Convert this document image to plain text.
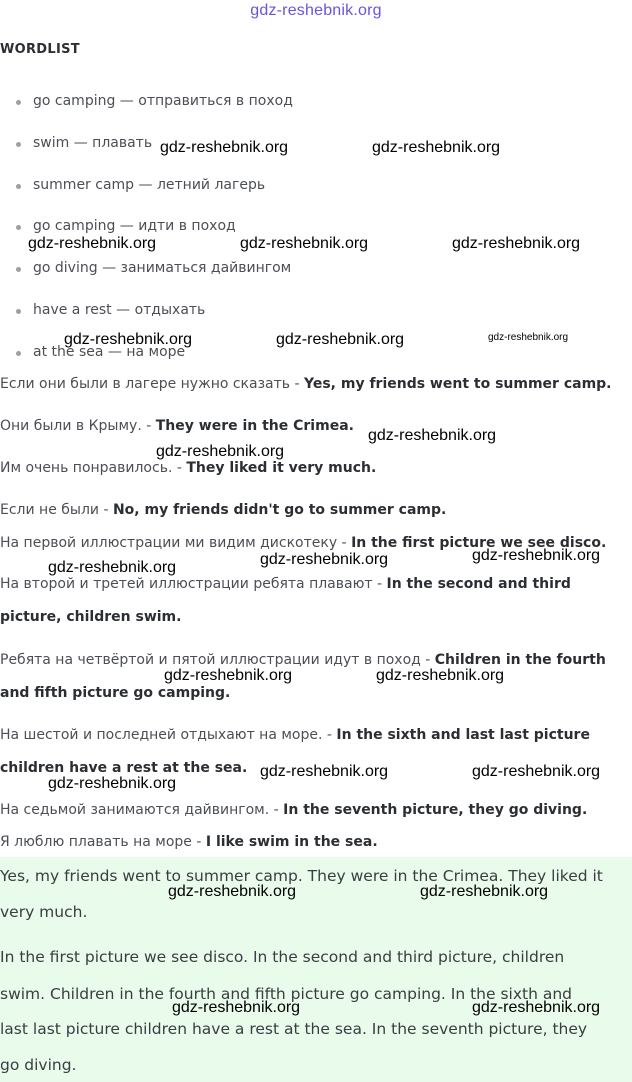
gdz-reshebnik.org
WORDLIST
go camping — отправиться в поход
swim — плавать
summer camp — летний лагерь
go camping — идти в поход
go diving — заниматься дайвингом
have a rest — отдыхать
at the sea — на море
Если они были в лагере нужно сказать - Yes, my friends went to summer camp.
Они были в Крыму. - They were in the Crimea.
Им очень понравилось. - They liked it very much.
Если не были - No, my friends didn't go to summer camp.
На первой иллюстрации ми видим дискотеку - In the first picture we see disco.
На второй и третей иллюстрации ребята плавают - In the second and third
picture, children swim.
Ребята на четвёртой и пятой иллюстрации идут в поход - Children in the fourth
and fifth picture go camping.
На шестой и последней отдыхают на море. - In the sixth and last last picture
children have a rest at the sea.
На седьмой занимаются дайвингом. - In the seventh picture, they go diving.
Я люблю плавать на море - I like swim in the sea.
Yes, my friends went to summer camp. They were in the Crimea. They liked it
very much.
In the first picture we see disco. In the second and third picture, children
swim. Children in the fourth and fifth picture go camping. In the sixth and
last last picture children have a rest at the sea. In the seventh picture, they
go diving.
gdz-reshebnik.org	gdz-reshebnik.org
gdz-reshebnik.org	gdz-reshebnik.org	gdz-reshebnik.org
gdz-reshebnik.org	gdz-reshebnik.org	gdz-reshebnik.org
gdz-reshebnik.org
gdz-reshebnik.org
gdz-reshebnik.org
gdz-reshebnik.org
gdz-reshebnik.org
gdz-reshebnik.org	gdz-reshebnik.org
gdz-reshebnik.org	gdz-reshebnik.org
gdz-reshebnik.org
gdz-reshebnik.org	gdz-reshebnik.org
gdz-reshebnik.org	gdz-reshebnik.org
